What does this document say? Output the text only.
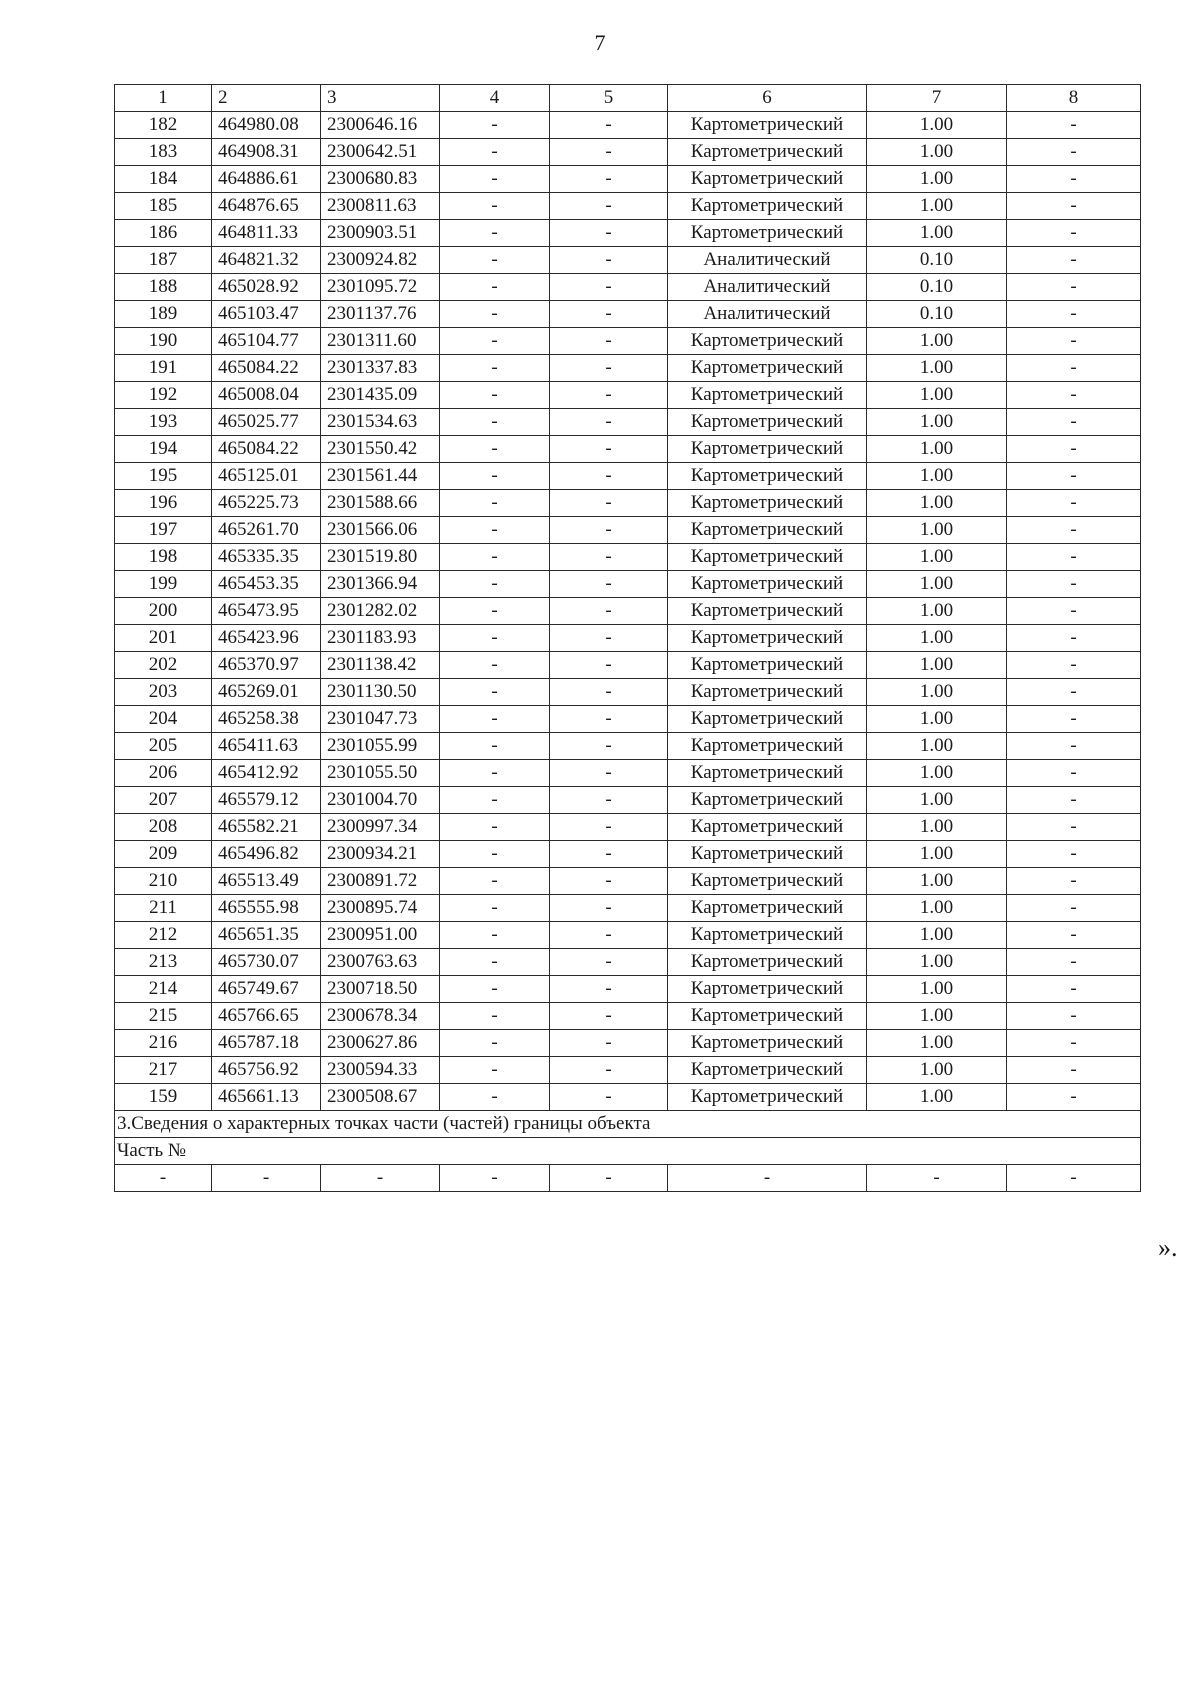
7
1	2	3	4	5	6	7	8
182	464980.08	2300646.16	-	-	Картометрический	1.00	-
183	464908.31	2300642.51	-	-	Картометрический	1.00	-
184	464886.61	2300680.83	-	-	Картометрический	1.00	-
185	464876.65	2300811.63	-	-	Картометрический	1.00	-
186	464811.33	2300903.51	-	-	Картометрический	1.00	-
187	464821.32	2300924.82	-	-	Аналитический	0.10	-
188	465028.92	2301095.72	-	-	Аналитический	0.10	-
189	465103.47	2301137.76	-	-	Аналитический	0.10	-
190	465104.77	2301311.60	-	-	Картометрический	1.00	-
191	465084.22	2301337.83	-	-	Картометрический	1.00	-
192	465008.04	2301435.09	-	-	Картометрический	1.00	-
193	465025.77	2301534.63	-	-	Картометрический	1.00	-
194	465084.22	2301550.42	-	-	Картометрический	1.00	-
195	465125.01	2301561.44	-	-	Картометрический	1.00	-
196	465225.73	2301588.66	-	-	Картометрический	1.00	-
197	465261.70	2301566.06	-	-	Картометрический	1.00	-
198	465335.35	2301519.80	-	-	Картометрический	1.00	-
199	465453.35	2301366.94	-	-	Картометрический	1.00	-
200	465473.95	2301282.02	-	-	Картометрический	1.00	-
201	465423.96	2301183.93	-	-	Картометрический	1.00	-
202	465370.97	2301138.42	-	-	Картометрический	1.00	-
203	465269.01	2301130.50	-	-	Картометрический	1.00	-
204	465258.38	2301047.73	-	-	Картометрический	1.00	-
205	465411.63	2301055.99	-	-	Картометрический	1.00	-
206	465412.92	2301055.50	-	-	Картометрический	1.00	-
207	465579.12	2301004.70	-	-	Картометрический	1.00	-
208	465582.21	2300997.34	-	-	Картометрический	1.00	-
209	465496.82	2300934.21	-	-	Картометрический	1.00	-
210	465513.49	2300891.72	-	-	Картометрический	1.00	-
211	465555.98	2300895.74	-	-	Картометрический	1.00	-
212	465651.35	2300951.00	-	-	Картометрический	1.00	-
213	465730.07	2300763.63	-	-	Картометрический	1.00	-
214	465749.67	2300718.50	-	-	Картометрический	1.00	-
215	465766.65	2300678.34	-	-	Картометрический	1.00	-
216	465787.18	2300627.86	-	-	Картометрический	1.00	-
217	465756.92	2300594.33	-	-	Картометрический	1.00	-
159	465661.13	2300508.67	-	-	Картометрический	1.00	-
3.Сведения о характерных точках части (частей) границы объекта							
Часть №							
-	-	-	-	-	-	-	-
».
